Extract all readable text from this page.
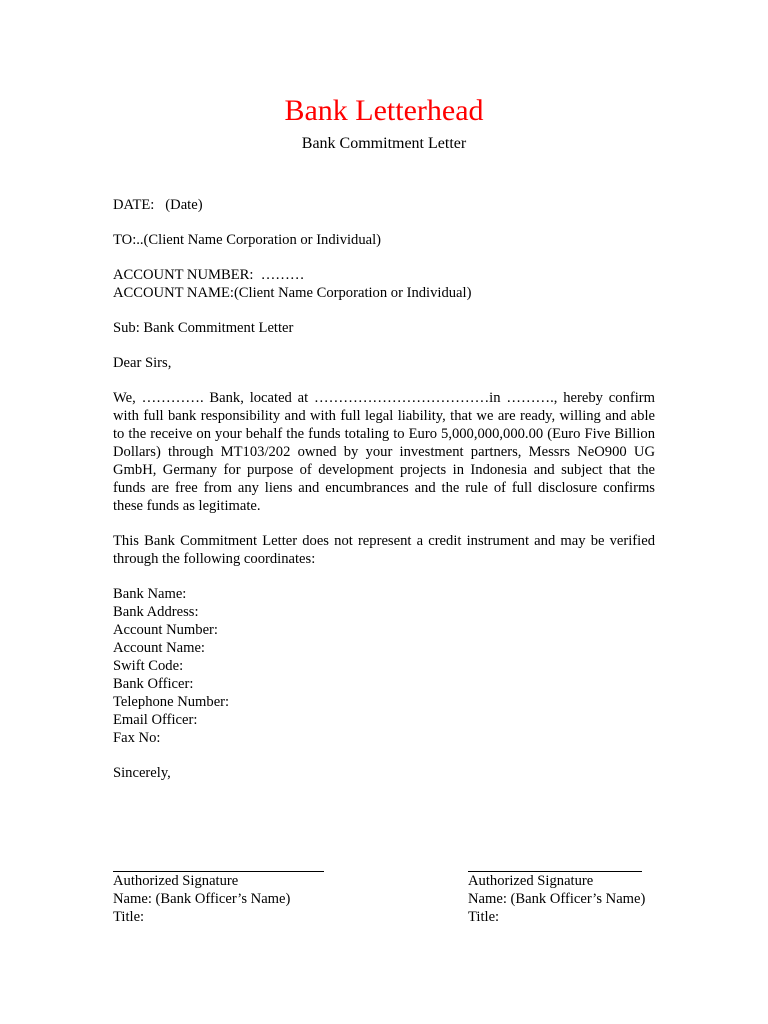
Bank Letterhead
Bank Commitment Letter

DATE:   (Date)

TO:..(Client Name Corporation or Individual)

ACCOUNT NUMBER:  ………

ACCOUNT NAME:(Client Name Corporation or Individual)

Sub: Bank Commitment Letter

Dear Sirs,

We, …………. Bank, located at ………………………………in ………., hereby confirm with full bank responsibility and with full legal liability, that we are ready, willing and able to the receive on your behalf the funds totaling to Euro 5,000,000,000.00 (Euro Five Billion Dollars) through MT103/202 owned by your investment partners, Messrs NeO900 UG GmbH, Germany for purpose of development projects in Indonesia and subject that the funds are free from any liens and encumbrances and the rule of full disclosure confirms these funds as legitimate.

This Bank Commitment Letter does not represent a credit instrument and may be verified through the following coordinates:

Bank Name:

Bank Address:

Account Number:

Account Name:

Swift Code:

Bank Officer:

Telephone Number:

Email Officer:

Fax No:

Sincerely,

Authorized Signature

Name: (Bank Officer’s Name)

Title:

Authorized Signature

Name: (Bank Officer’s Name)

Title:
